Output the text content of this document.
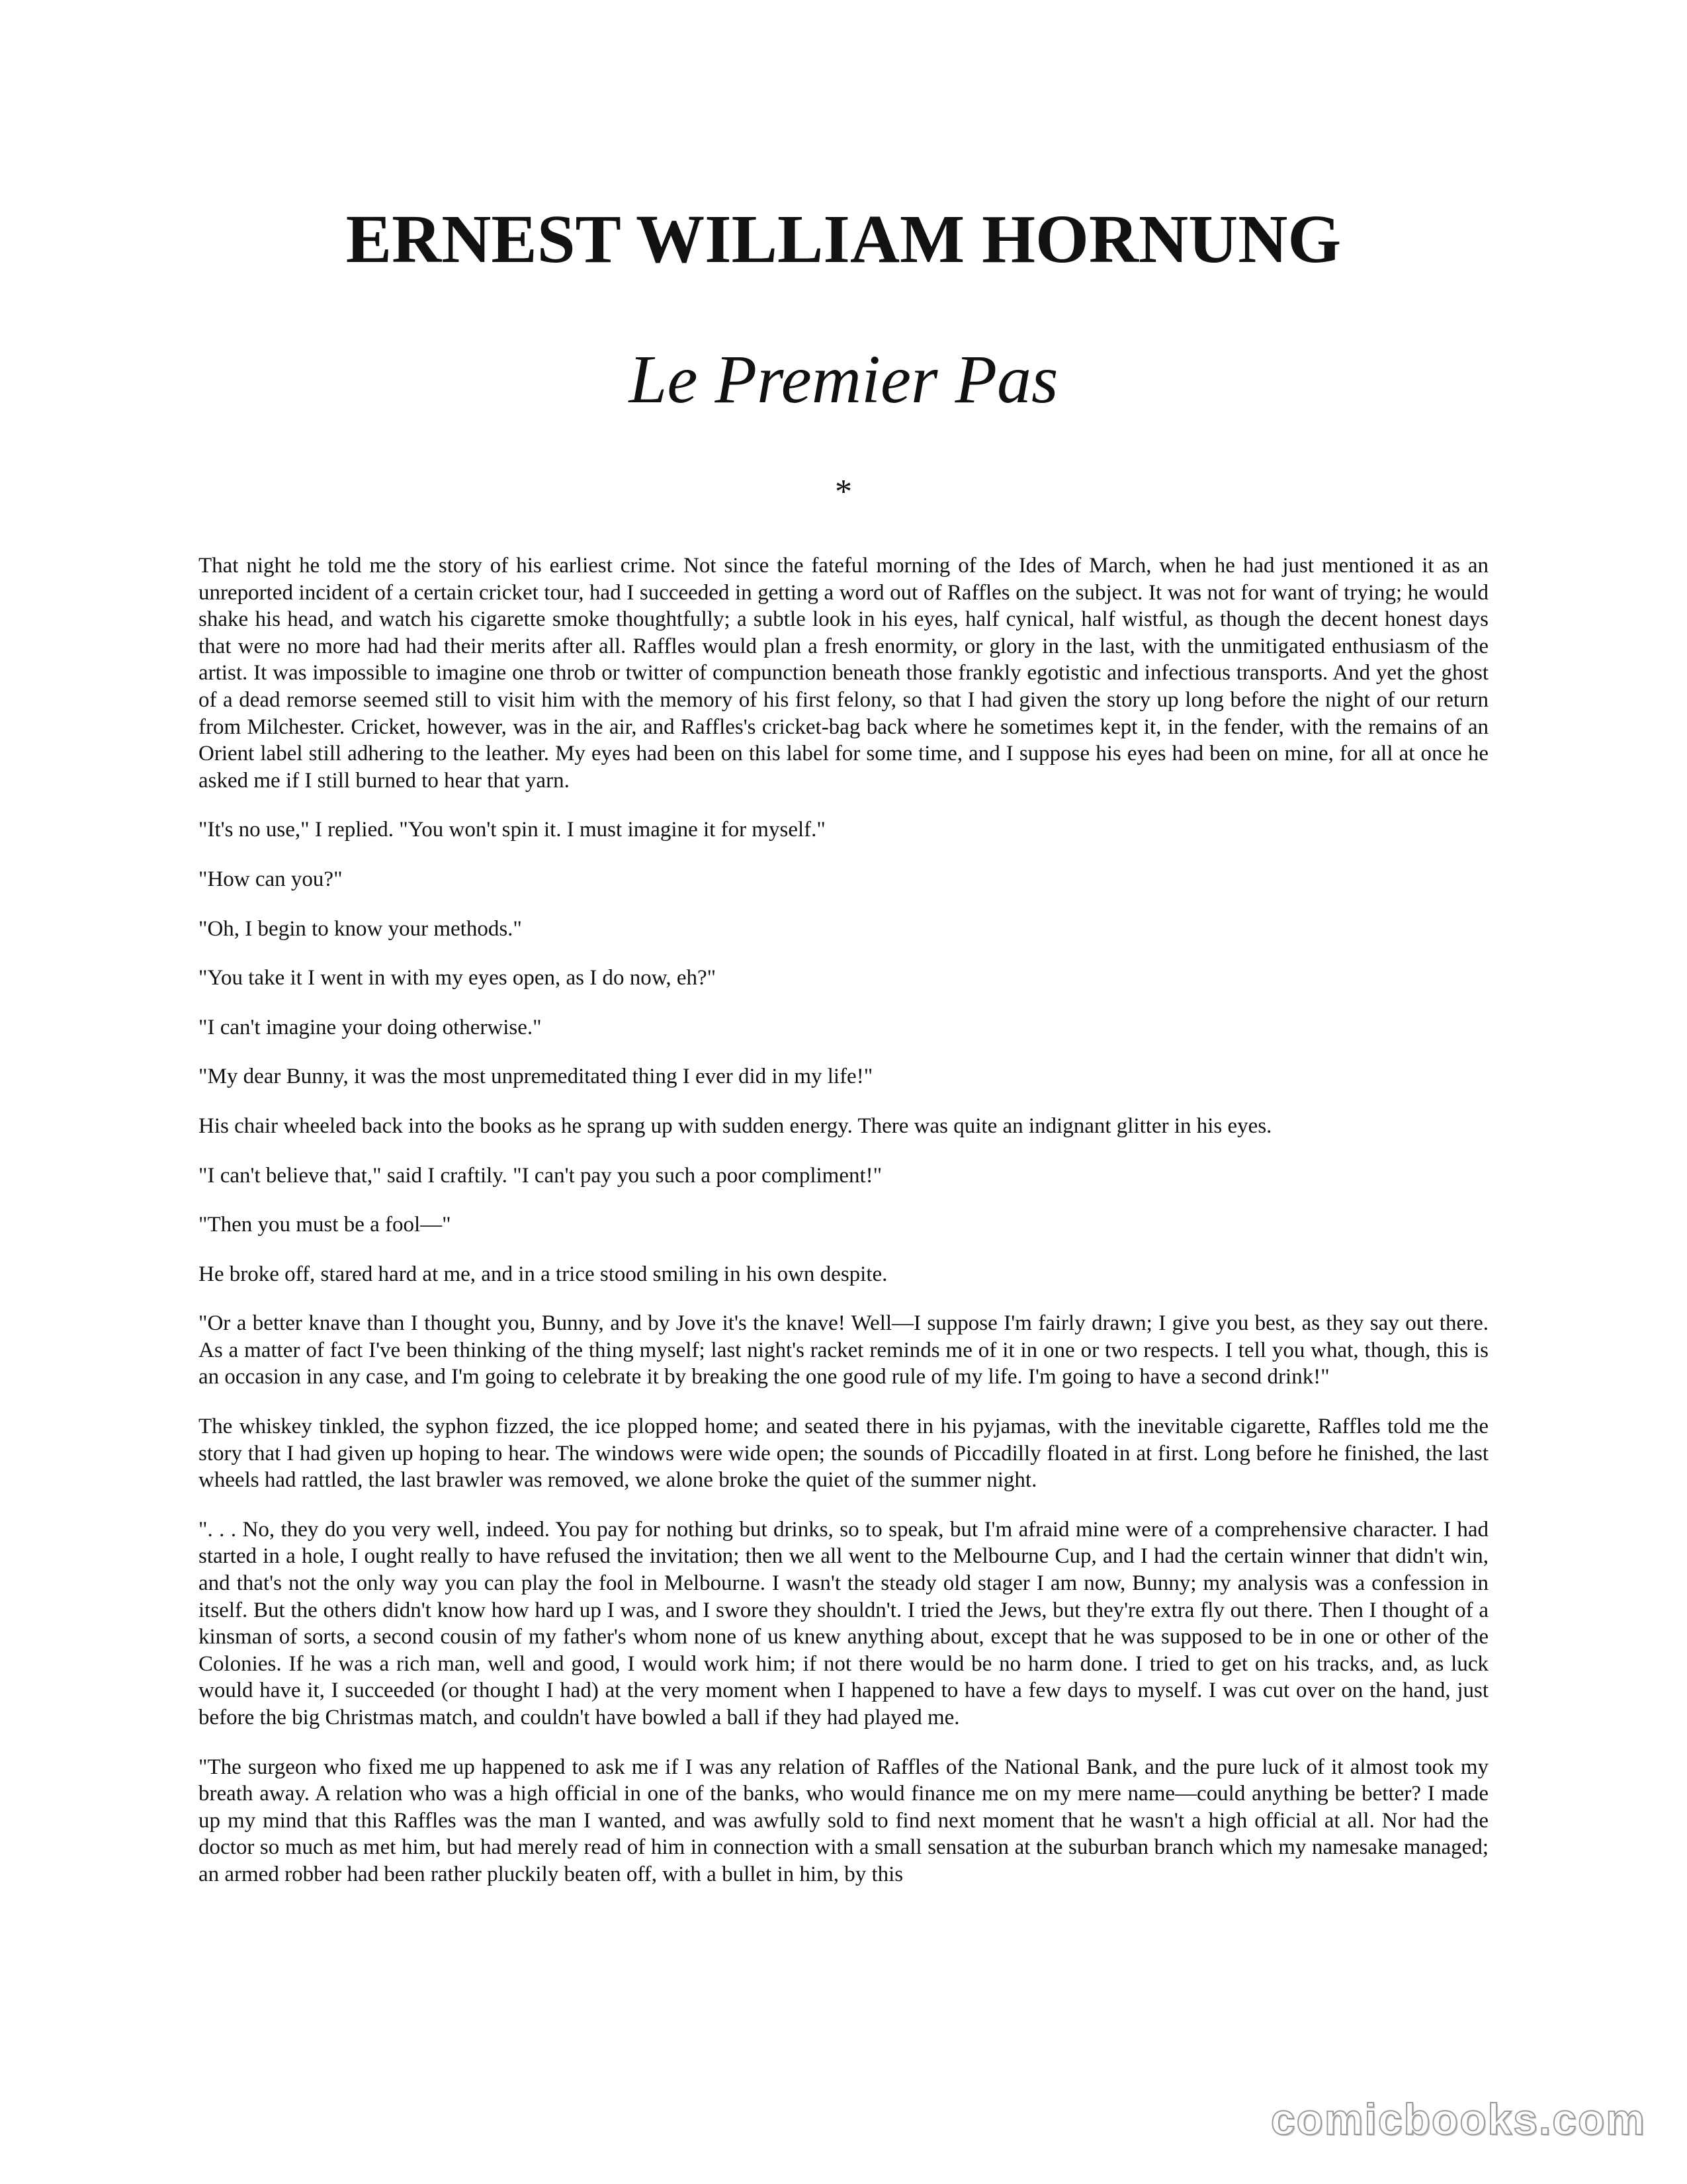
ERNEST WILLIAM HORNUNG
Le Premier Pas
*

That night he told me the story of his earliest crime. Not since the fateful morning of the Ides of March, when he had just mentioned it as an unreported incident of a certain cricket tour, had I succeeded in getting a word out of Raffles on the subject. It was not for want of trying; he would shake his head, and watch his cigarette smoke thoughtfully; a subtle look in his eyes, half cynical, half wistful, as though the decent honest days that were no more had had their merits after all. Raffles would plan a fresh enormity, or glory in the last, with the unmitigated enthusiasm of the artist. It was impossible to imagine one throb or twitter of compunction beneath those frankly egotistic and infectious transports. And yet the ghost of a dead remorse seemed still to visit him with the memory of his first felony, so that I had given the story up long before the night of our return from Milchester. Cricket, however, was in the air, and Raffles's cricket-bag back where he sometimes kept it, in the fender, with the remains of an Orient label still adhering to the leather. My eyes had been on this label for some time, and I suppose his eyes had been on mine, for all at once he asked me if I still burned to hear that yarn.

"It's no use," I replied. "You won't spin it. I must imagine it for myself."

"How can you?"

"Oh, I begin to know your methods."

"You take it I went in with my eyes open, as I do now, eh?"

"I can't imagine your doing otherwise."

"My dear Bunny, it was the most unpremeditated thing I ever did in my life!"

His chair wheeled back into the books as he sprang up with sudden energy. There was quite an indignant glitter in his eyes.

"I can't believe that," said I craftily. "I can't pay you such a poor compliment!"

"Then you must be a fool—"

He broke off, stared hard at me, and in a trice stood smiling in his own despite.

"Or a better knave than I thought you, Bunny, and by Jove it's the knave! Well—I suppose I'm fairly drawn; I give you best, as they say out there. As a matter of fact I've been thinking of the thing myself; last night's racket reminds me of it in one or two respects. I tell you what, though, this is an occasion in any case, and I'm going to celebrate it by breaking the one good rule of my life. I'm going to have a second drink!"

The whiskey tinkled, the syphon fizzed, the ice plopped home; and seated there in his pyjamas, with the inevitable cigarette, Raffles told me the story that I had given up hoping to hear. The windows were wide open; the sounds of Piccadilly floated in at first. Long before he finished, the last wheels had rattled, the last brawler was removed, we alone broke the quiet of the summer night.

". . . No, they do you very well, indeed. You pay for nothing but drinks, so to speak, but I'm afraid mine were of a comprehensive character. I had started in a hole, I ought really to have refused the invitation; then we all went to the Melbourne Cup, and I had the certain winner that didn't win, and that's not the only way you can play the fool in Melbourne. I wasn't the steady old stager I am now, Bunny; my analysis was a confession in itself. But the others didn't know how hard up I was, and I swore they shouldn't. I tried the Jews, but they're extra fly out there. Then I thought of a kinsman of sorts, a second cousin of my father's whom none of us knew anything about, except that he was supposed to be in one or other of the Colonies. If he was a rich man, well and good, I would work him; if not there would be no harm done. I tried to get on his tracks, and, as luck would have it, I succeeded (or thought I had) at the very moment when I happened to have a few days to myself. I was cut over on the hand, just before the big Christmas match, and couldn't have bowled a ball if they had played me.

"The surgeon who fixed me up happened to ask me if I was any relation of Raffles of the National Bank, and the pure luck of it almost took my breath away. A relation who was a high official in one of the banks, who would finance me on my mere name—could anything be better? I made up my mind that this Raffles was the man I wanted, and was awfully sold to find next moment that he wasn't a high official at all. Nor had the doctor so much as met him, but had merely read of him in connection with a small sensation at the suburban branch which my namesake managed; an armed robber had been rather pluckily beaten off, with a bullet in him, by this

comicbooks.com
